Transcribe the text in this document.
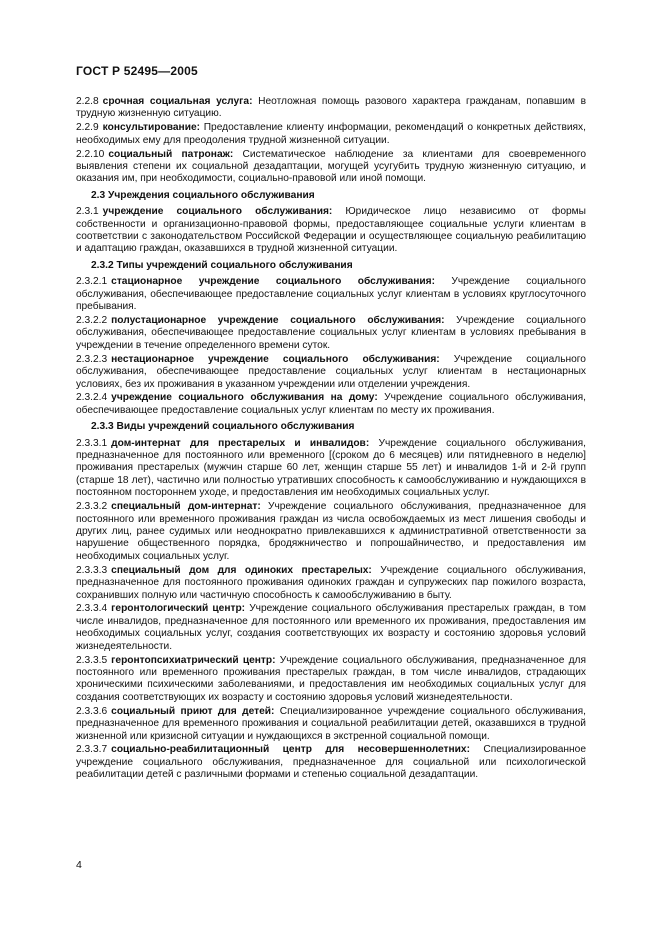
ГОСТ Р 52495—2005
2.2.8 срочная социальная услуга: Неотложная помощь разового характера гражданам, попавшим в трудную жизненную ситуацию.
2.2.9 консультирование: Предоставление клиенту информации, рекомендаций о конкретных действиях, необходимых ему для преодоления трудной жизненной ситуации.
2.2.10 социальный патронаж: Систематическое наблюдение за клиентами для своевременного выявления степени их социальной дезадаптации, могущей усугубить трудную жизненную ситуацию, и оказания им, при необходимости, социально-правовой или иной помощи.
2.3 Учреждения социального обслуживания
2.3.1 учреждение социального обслуживания: Юридическое лицо независимо от формы собственности и организационно-правовой формы, предоставляющее социальные услуги клиентам в соответствии с законодательством Российской Федерации и осуществляющее социальную реабилитацию и адаптацию граждан, оказавшихся в трудной жизненной ситуации.
2.3.2 Типы учреждений социального обслуживания
2.3.2.1 стационарное учреждение социального обслуживания: Учреждение социального обслуживания, обеспечивающее предоставление социальных услуг клиентам в условиях круглосуточного пребывания.
2.3.2.2 полустационарное учреждение социального обслуживания: Учреждение социального обслуживания, обеспечивающее предоставление социальных услуг клиентам в условиях пребывания в учреждении в течение определенного времени суток.
2.3.2.3 нестационарное учреждение социального обслуживания: Учреждение социального обслуживания, обеспечивающее предоставление социальных услуг клиентам в нестационарных условиях, без их проживания в указанном учреждении или отделении учреждения.
2.3.2.4 учреждение социального обслуживания на дому: Учреждение социального обслуживания, обеспечивающее предоставление социальных услуг клиентам по месту их проживания.
2.3.3 Виды учреждений социального обслуживания
2.3.3.1 дом-интернат для престарелых и инвалидов: Учреждение социального обслуживания, предназначенное для постоянного или временного [(сроком до 6 месяцев) или пятидневного в неделю] проживания престарелых (мужчин старше 60 лет, женщин старше 55 лет) и инвалидов 1-й и 2-й групп (старше 18 лет), частично или полностью утративших способность к самообслуживанию и нуждающихся в постоянном постороннем уходе, и предоставления им необходимых социальных услуг.
2.3.3.2 специальный дом-интернат: Учреждение социального обслуживания, предназначенное для постоянного или временного проживания граждан из числа освобождаемых из мест лишения свободы и других лиц, ранее судимых или неоднократно привлекавшихся к административной ответственности за нарушение общественного порядка, бродяжничество и попрошайничество, и предоставления им необходимых социальных услуг.
2.3.3.3 специальный дом для одиноких престарелых: Учреждение социального обслуживания, предназначенное для постоянного проживания одиноких граждан и супружеских пар пожилого возраста, сохранивших полную или частичную способность к самообслуживанию в быту.
2.3.3.4 геронтологический центр: Учреждение социального обслуживания престарелых граждан, в том числе инвалидов, предназначенное для постоянного или временного их проживания, предоставления им необходимых социальных услуг, создания соответствующих их возрасту и состоянию здоровья условий жизнедеятельности.
2.3.3.5 геронтопсихиатрический центр: Учреждение социального обслуживания, предназначенное для постоянного или временного проживания престарелых граждан, в том числе инвалидов, страдающих хроническими психическими заболеваниями, и предоставления им необходимых социальных услуг для создания соответствующих их возрасту и состоянию здоровья условий жизнедеятельности.
2.3.3.6 социальный приют для детей: Специализированное учреждение социального обслуживания, предназначенное для временного проживания и социальной реабилитации детей, оказавшихся в трудной жизненной или кризисной ситуации и нуждающихся в экстренной социальной помощи.
2.3.3.7 социально-реабилитационный центр для несовершеннолетних: Специализированное учреждение социального обслуживания, предназначенное для социальной или психологической реабилитации детей с различными формами и степенью социальной дезадаптации.
4
